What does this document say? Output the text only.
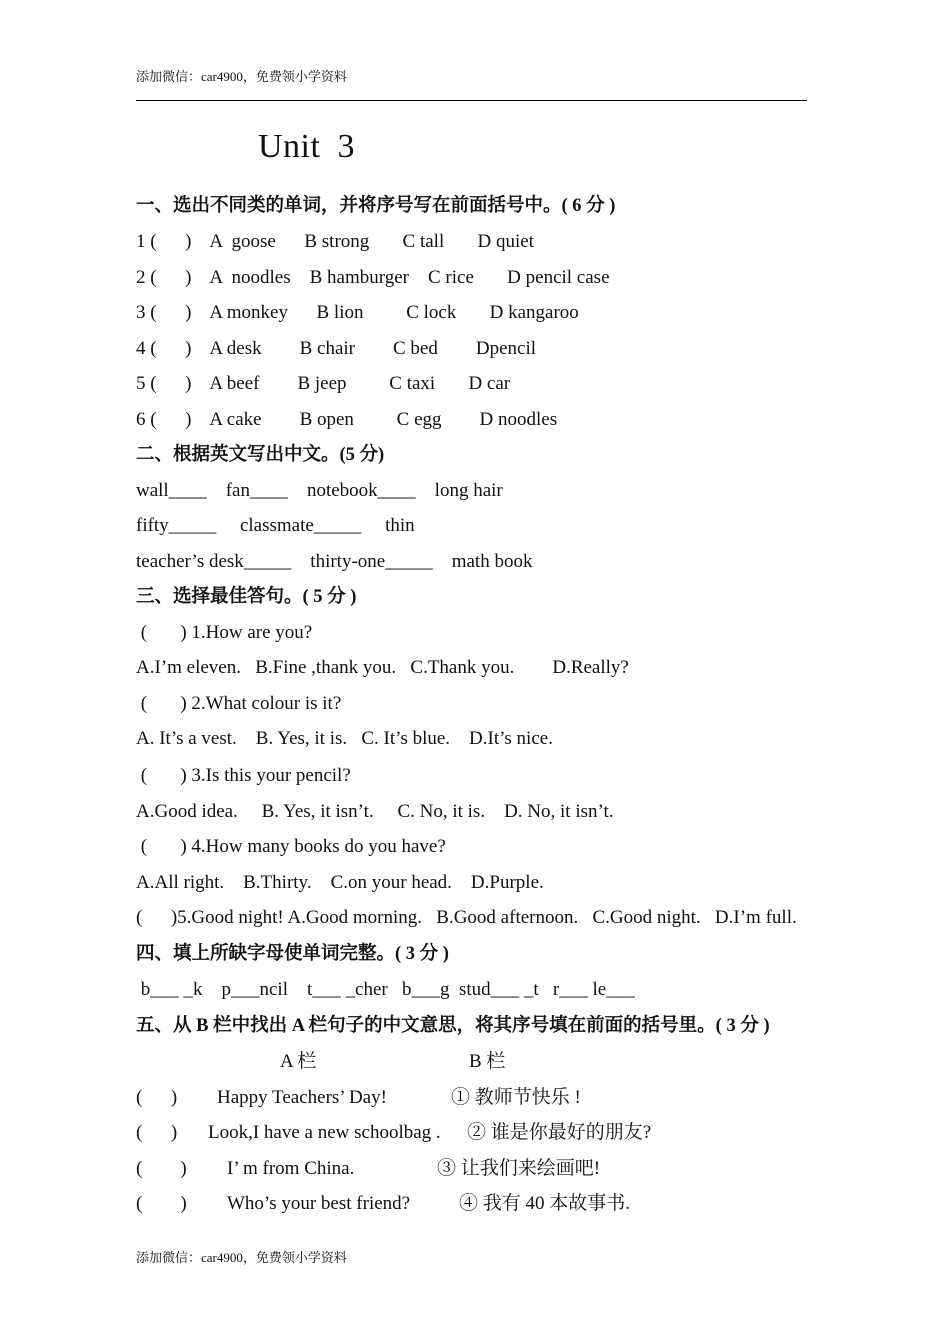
添加微信：car4900，免费领小学资料
Unit 3
一、选出不同类的单词，并将序号写在前面括号中。( 6 分 )
1 (      )    A  goose      B strong       C tall       D quiet
2 (      )    A  noodles    B hamburger    C rice       D pencil case
3 (      )    A monkey      B lion         C lock       D kangaroo
4 (      )    A desk        B chair        C bed        Dpencil
5 (      )    A beef        B jeep         C taxi       D car
6 (      )    A cake        B open         C egg        D noodles
二、根据英文写出中文。(5 分)
wall____    fan____    notebook____    long hair
fifty_____     classmate_____     thin
teacher’s desk_____    thirty-one_____    math book
三、选择最佳答句。( 5 分 )
(       ) 1.How are you?
A.I’m eleven.   B.Fine ,thank you.   C.Thank you.        D.Really?
(       ) 2.What colour is it?
A. It’s a vest.    B. Yes, it is.   C. It’s blue.    D.It’s nice.
(       ) 3.Is this your pencil?
A.Good idea.     B. Yes, it isn’t.     C. No, it is.    D. No, it isn’t.
(       ) 4.How many books do you have?
A.All right.    B.Thirty.    C.on your head.    D.Purple.
(      )5.Good night! A.Good morning.   B.Good afternoon.   C.Good night.   D.I’m full.
四、填上所缺字母使单词完整。( 3 分 )
b___ _k    p___ncil    t___ _cher   b___g  stud___ _t   r___ le___
五、从 B 栏中找出 A 栏句子的中文意思，将其序号填在前面的括号里。( 3 分 )
A 栏	B 栏
(      ) Happy Teachers’ Day!	① 教师节快乐 !
(      ) Look,I have a new schoolbag . ② 谁是你最好的朋友?
(        ) I’ m from China.	③ 让我们来绘画吧!
(        ) Who’s your best friend?	④ 我有 40 本故事书.
添加微信：car4900，免费领小学资料
